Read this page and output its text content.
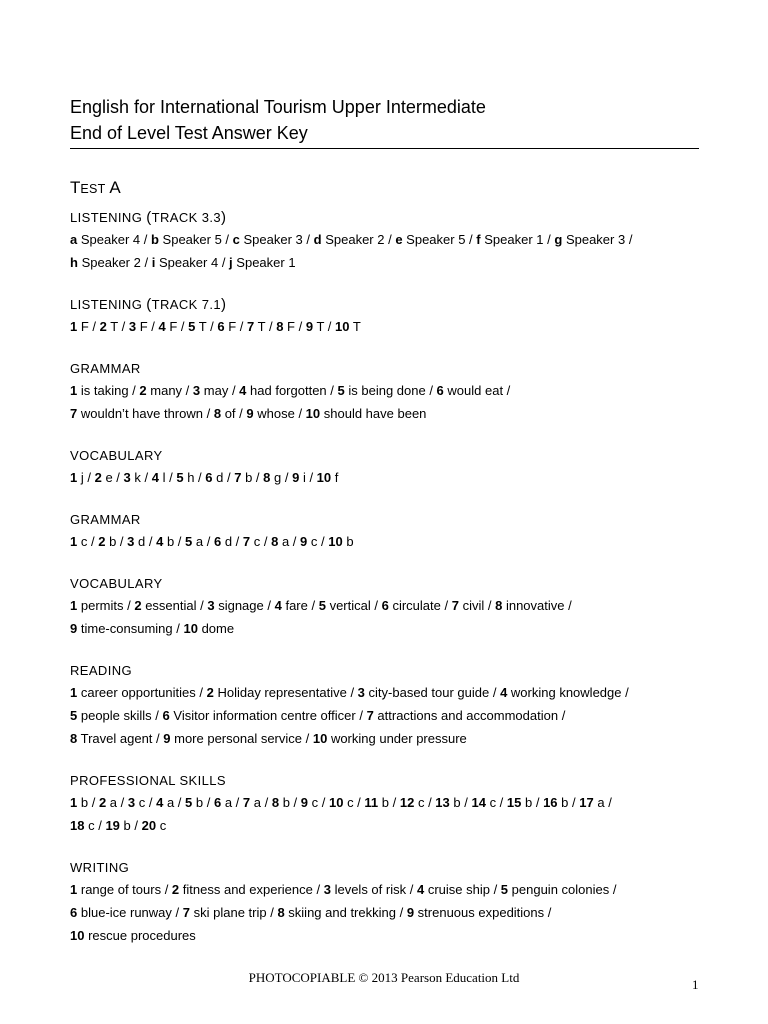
English for International Tourism Upper Intermediate

End of Level Test Answer Key

TEST A
LISTENING (TRACK 3.3)
a Speaker 4 / b Speaker 5 / c Speaker 3 / d Speaker 2 / e Speaker 5 / f Speaker 1 / g Speaker 3 /
h Speaker 2 / i Speaker 4 / j Speaker 1
LISTENING (TRACK 7.1)
1 F / 2 T / 3 F / 4 F / 5 T / 6 F / 7 T / 8 F / 9 T / 10 T
GRAMMAR
1 is taking / 2 many / 3 may / 4 had forgotten / 5 is being done / 6 would eat /
7 wouldn’t have thrown / 8 of / 9 whose / 10 should have been
VOCABULARY
1 j / 2 e / 3 k / 4 l / 5 h / 6 d / 7 b / 8 g / 9 i / 10 f
GRAMMAR
1 c / 2 b / 3 d / 4 b / 5 a / 6 d / 7 c / 8 a / 9 c / 10 b
VOCABULARY
1 permits / 2 essential / 3 signage / 4 fare / 5 vertical / 6 circulate / 7 civil / 8 innovative /
9 time-consuming / 10 dome
READING
1 career opportunities / 2 Holiday representative / 3 city-based tour guide / 4 working knowledge /
5 people skills / 6 Visitor information centre officer / 7 attractions and accommodation /
8 Travel agent / 9 more personal service / 10 working under pressure
PROFESSIONAL SKILLS
1 b / 2 a / 3 c / 4 a / 5 b / 6 a / 7 a / 8 b / 9 c / 10 c / 11 b / 12 c / 13 b / 14 c / 15 b / 16 b / 17 a /
18 c / 19 b / 20 c
WRITING
1 range of tours / 2 fitness and experience / 3 levels of risk / 4 cruise ship / 5 penguin colonies /
6 blue-ice runway / 7 ski plane trip / 8 skiing and trekking / 9 strenuous expeditions /
10 rescue procedures
PHOTOCOPIABLE © 2013 Pearson Education Ltd	1
